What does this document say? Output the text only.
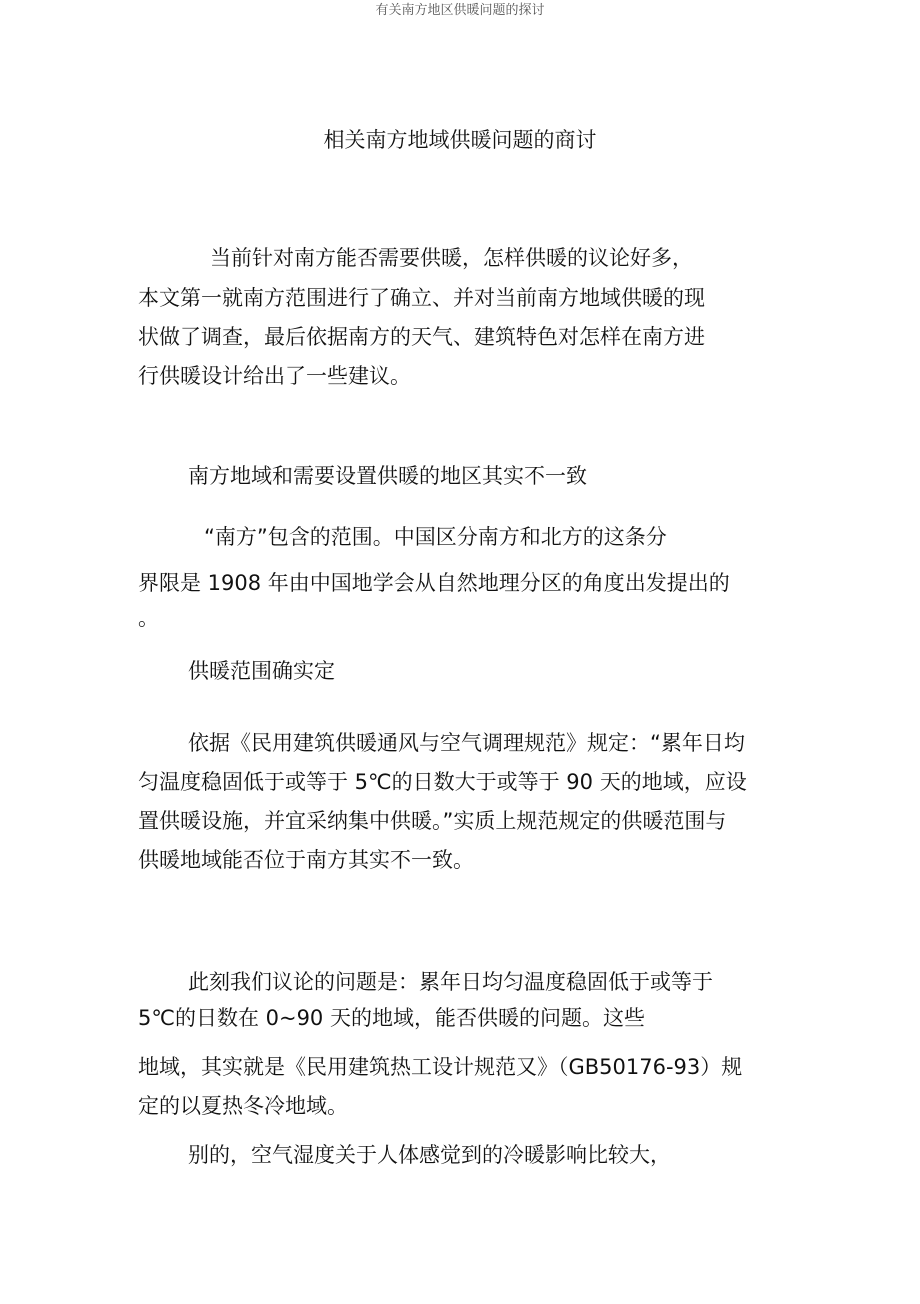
有关南方地区供暖问题的探讨
相关南方地域供暖问题的商讨
当前针对南方能否需要供暖，怎样供暖的议论好多，
本文第一就南方范围进行了确立、并对当前南方地域供暖的现
状做了调查，最后依据南方的天气、建筑特色对怎样在南方进
行供暖设计给出了一些建议。
南方地域和需要设置供暖的地区其实不一致
“南方”包含的范围。中国区分南方和北方的这条分
界限是 1908 年由中国地学会从自然地理分区的角度出发提出的
。
供暖范围确实定
依据《民用建筑供暖通风与空气调理规范》规定：“累年日均
匀温度稳固低于或等于 5℃的日数大于或等于 90 天的地域，应设
置供暖设施，并宜采纳集中供暖。”实质上规范规定的供暖范围与
供暖地域能否位于南方其实不一致。
此刻我们议论的问题是：累年日均匀温度稳固低于或等于
5℃的日数在 0~90 天的地域，能否供暖的问题。这些
地域，其实就是《民用建筑热工设计规范又》（GB50176-93）规
定的以夏热冬冷地域。
别的，空气湿度关于人体感觉到的冷暖影响比较大，
